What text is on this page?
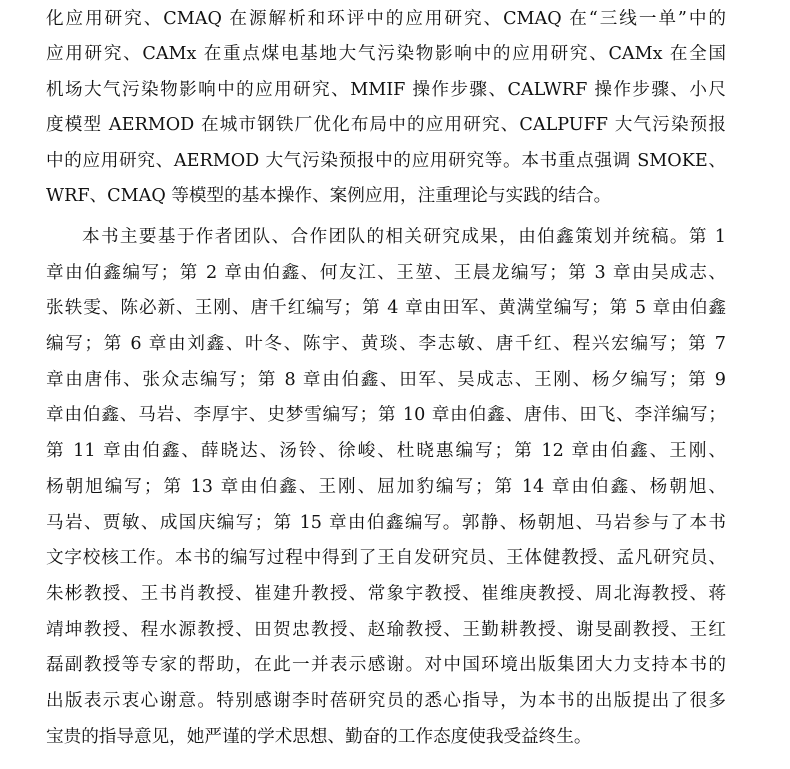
化应用研究、CMAQ 在源解析和环评中的应用研究、CMAQ 在“三线一单”中的
应用研究、CAMx 在重点煤电基地大气污染物影响中的应用研究、CAMx 在全国
机场大气污染物影响中的应用研究、MMIF 操作步骤、CALWRF 操作步骤、小尺
度模型 AERMOD 在城市钢铁厂优化布局中的应用研究、CALPUFF 大气污染预报
中的应用研究、AERMOD 大气污染预报中的应用研究等。本书重点强调 SMOKE、
WRF、CMAQ 等模型的基本操作、案例应用，注重理论与实践的结合。
本书主要基于作者团队、合作团队的相关研究成果，由伯鑫策划并统稿。第 1
章由伯鑫编写；第 2 章由伯鑫、何友江、王堃、王晨龙编写；第 3 章由吴成志、
张轶雯、陈必新、王刚、唐千红编写；第 4 章由田军、黄满堂编写；第 5 章由伯鑫
编写；第 6 章由刘鑫、叶冬、陈宇、黄琰、李志敏、唐千红、程兴宏编写；第 7
章由唐伟、张众志编写；第 8 章由伯鑫、田军、吴成志、王刚、杨夕编写；第 9
章由伯鑫、马岩、李厚宇、史梦雪编写；第 10 章由伯鑫、唐伟、田飞、李洋编写；
第 11 章由伯鑫、薛晓达、汤铃、徐峻、杜晓惠编写；第 12 章由伯鑫、王刚、
杨朝旭编写；第 13 章由伯鑫、王刚、屈加豹编写；第 14 章由伯鑫、杨朝旭、
马岩、贾敏、成国庆编写；第 15 章由伯鑫编写。郭静、杨朝旭、马岩参与了本书
文字校核工作。本书的编写过程中得到了王自发研究员、王体健教授、孟凡研究员、
朱彬教授、王书肖教授、崔建升教授、常象宇教授、崔维庚教授、周北海教授、蒋
靖坤教授、程水源教授、田贺忠教授、赵瑜教授、王勤耕教授、谢旻副教授、王红
磊副教授等专家的帮助，在此一并表示感谢。对中国环境出版集团大力支持本书的
出版表示衷心谢意。特别感谢李时蓓研究员的悉心指导，为本书的出版提出了很多
宝贵的指导意见，她严谨的学术思想、勤奋的工作态度使我受益终生。
